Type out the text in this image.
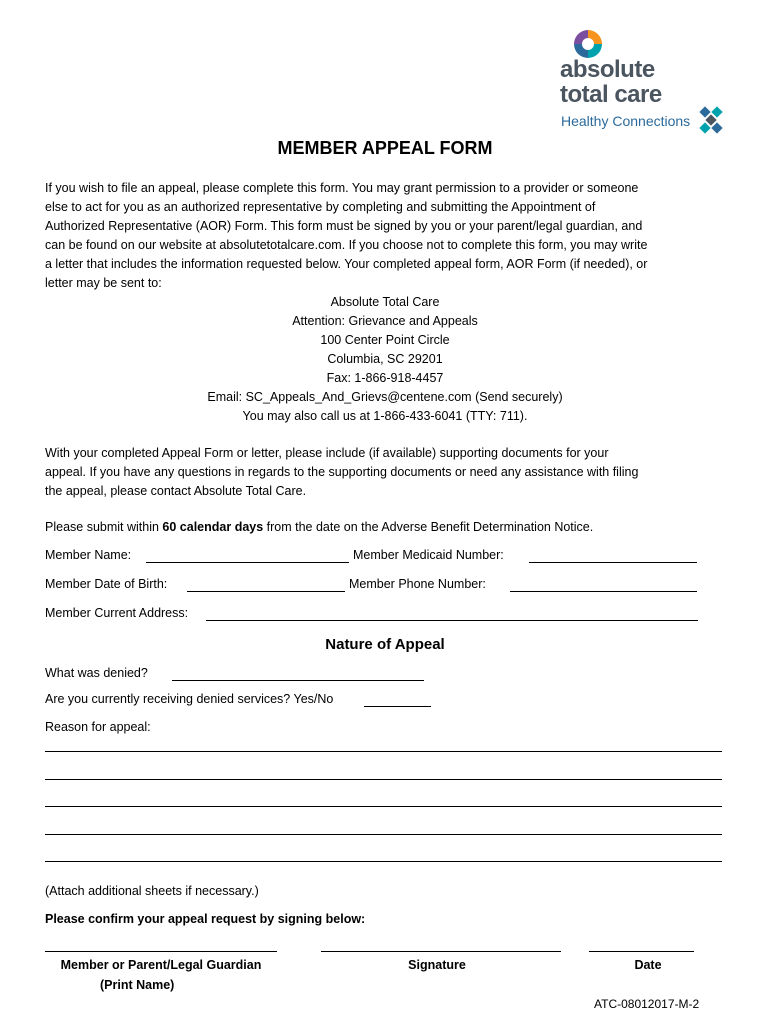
absolute
total care
Healthy Connections
MEMBER APPEAL FORM
If you wish to file an appeal, please complete this form. You may grant permission to a provider or someone
else to act for you as an authorized representative by completing and submitting the Appointment of
Authorized Representative (AOR) Form. This form must be signed by you or your parent/legal guardian, and
can be found on our website at absolutetotalcare.com. If you choose not to complete this form, you may write
a letter that includes the information requested below. Your completed appeal form, AOR Form (if needed), or
letter may be sent to:
Absolute Total Care
Attention: Grievance and Appeals
100 Center Point Circle
Columbia, SC 29201
Fax: 1-866-918-4457
Email: SC_Appeals_And_Grievs@centene.com (Send securely)
You may also call us at 1-866-433-6041 (TTY: 711).
With your completed Appeal Form or letter, please include (if available) supporting documents for your
appeal. If you have any questions in regards to the supporting documents or need any assistance with filing
the appeal, please contact Absolute Total Care.
Please submit within 60 calendar days from the date on the Adverse Benefit Determination Notice.
Member Name:	Member Medicaid Number:
Member Date of Birth:	Member Phone Number:
Member Current Address:
Nature of Appeal
What was denied?
Are you currently receiving denied services? Yes/No
Reason for appeal:
(Attach additional sheets if necessary.)
Please confirm your appeal request by signing below:
Member or Parent/Legal Guardian
(Print Name)
Signature	Date
ATC-08012017-M-2
